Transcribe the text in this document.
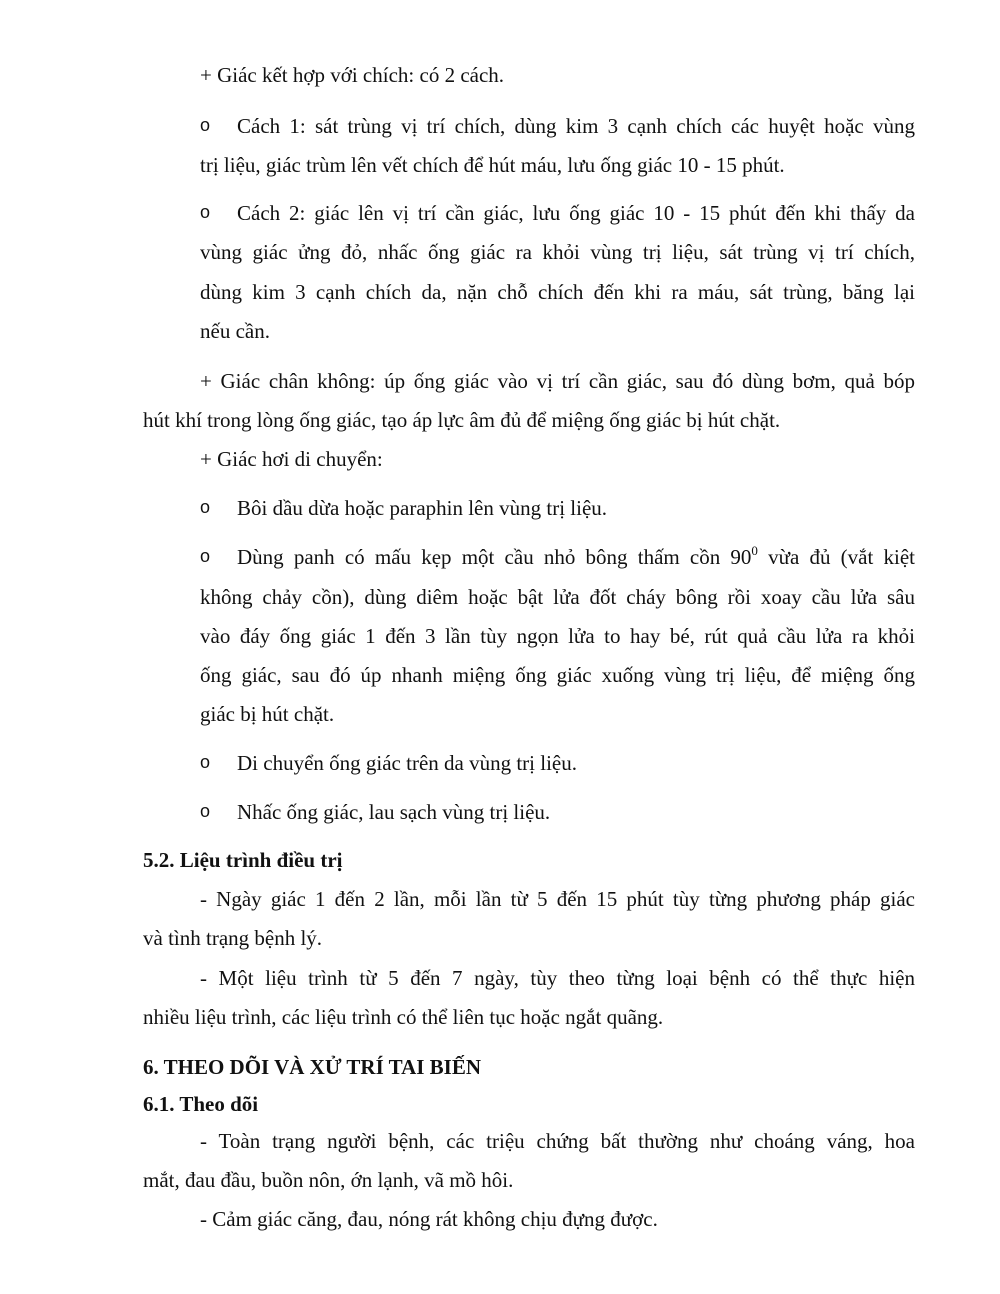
+ Giác kết hợp với chích: có 2 cách.
o	Cách 1: sát trùng vị trí chích, dùng kim 3 cạnh chích các huyệt hoặc vùng
trị liệu, giác trùm lên vết chích để hút máu, lưu ống giác 10 - 15 phút.
o	Cách 2: giác lên vị trí cần giác, lưu ống giác 10 - 15 phút đến khi thấy da
vùng giác ửng đỏ, nhấc ống giác ra khỏi vùng trị liệu, sát trùng vị trí chích,
dùng kim 3 cạnh chích da, nặn chỗ chích đến khi ra máu, sát trùng, băng lại
nếu cần.
+ Giác chân không: úp ống giác vào vị trí cần giác, sau đó dùng bơm, quả bóp
hút khí trong lòng ống giác, tạo áp lực âm đủ để miệng ống giác bị hút chặt.
+ Giác hơi di chuyển:
o	Bôi dầu dừa hoặc paraphin lên vùng trị liệu.
o	Dùng panh có mấu kẹp một cầu nhỏ bông thấm cồn $90^0$ vừa đủ (vắt kiệt
không chảy cồn), dùng diêm hoặc bật lửa đốt cháy bông rồi xoay cầu lửa sâu
vào đáy ống giác 1 đến 3 lần tùy ngọn lửa to hay bé, rút quả cầu lửa ra khỏi
ống giác, sau đó úp nhanh miệng ống giác xuống vùng trị liệu, để miệng ống
giác bị hút chặt.
o	Di chuyển ống giác trên da vùng trị liệu.
o	Nhấc ống giác, lau sạch vùng trị liệu.
5.2. Liệu trình điều trị
- Ngày giác 1 đến 2 lần, mỗi lần từ 5 đến 15 phút tùy từng phương pháp giác
và tình trạng bệnh lý.
- Một liệu trình từ 5 đến 7 ngày, tùy theo từng loại bệnh có thể thực hiện
nhiều liệu trình, các liệu trình có thể liên tục hoặc ngắt quãng.
6. THEO DÕI VÀ XỬ TRÍ TAI BIẾN
6.1. Theo dõi
- Toàn trạng người bệnh, các triệu chứng bất thường như choáng váng, hoa
mắt, đau đầu, buồn nôn, ớn lạnh, vã mồ hôi.
- Cảm giác căng, đau, nóng rát không chịu đựng được.
